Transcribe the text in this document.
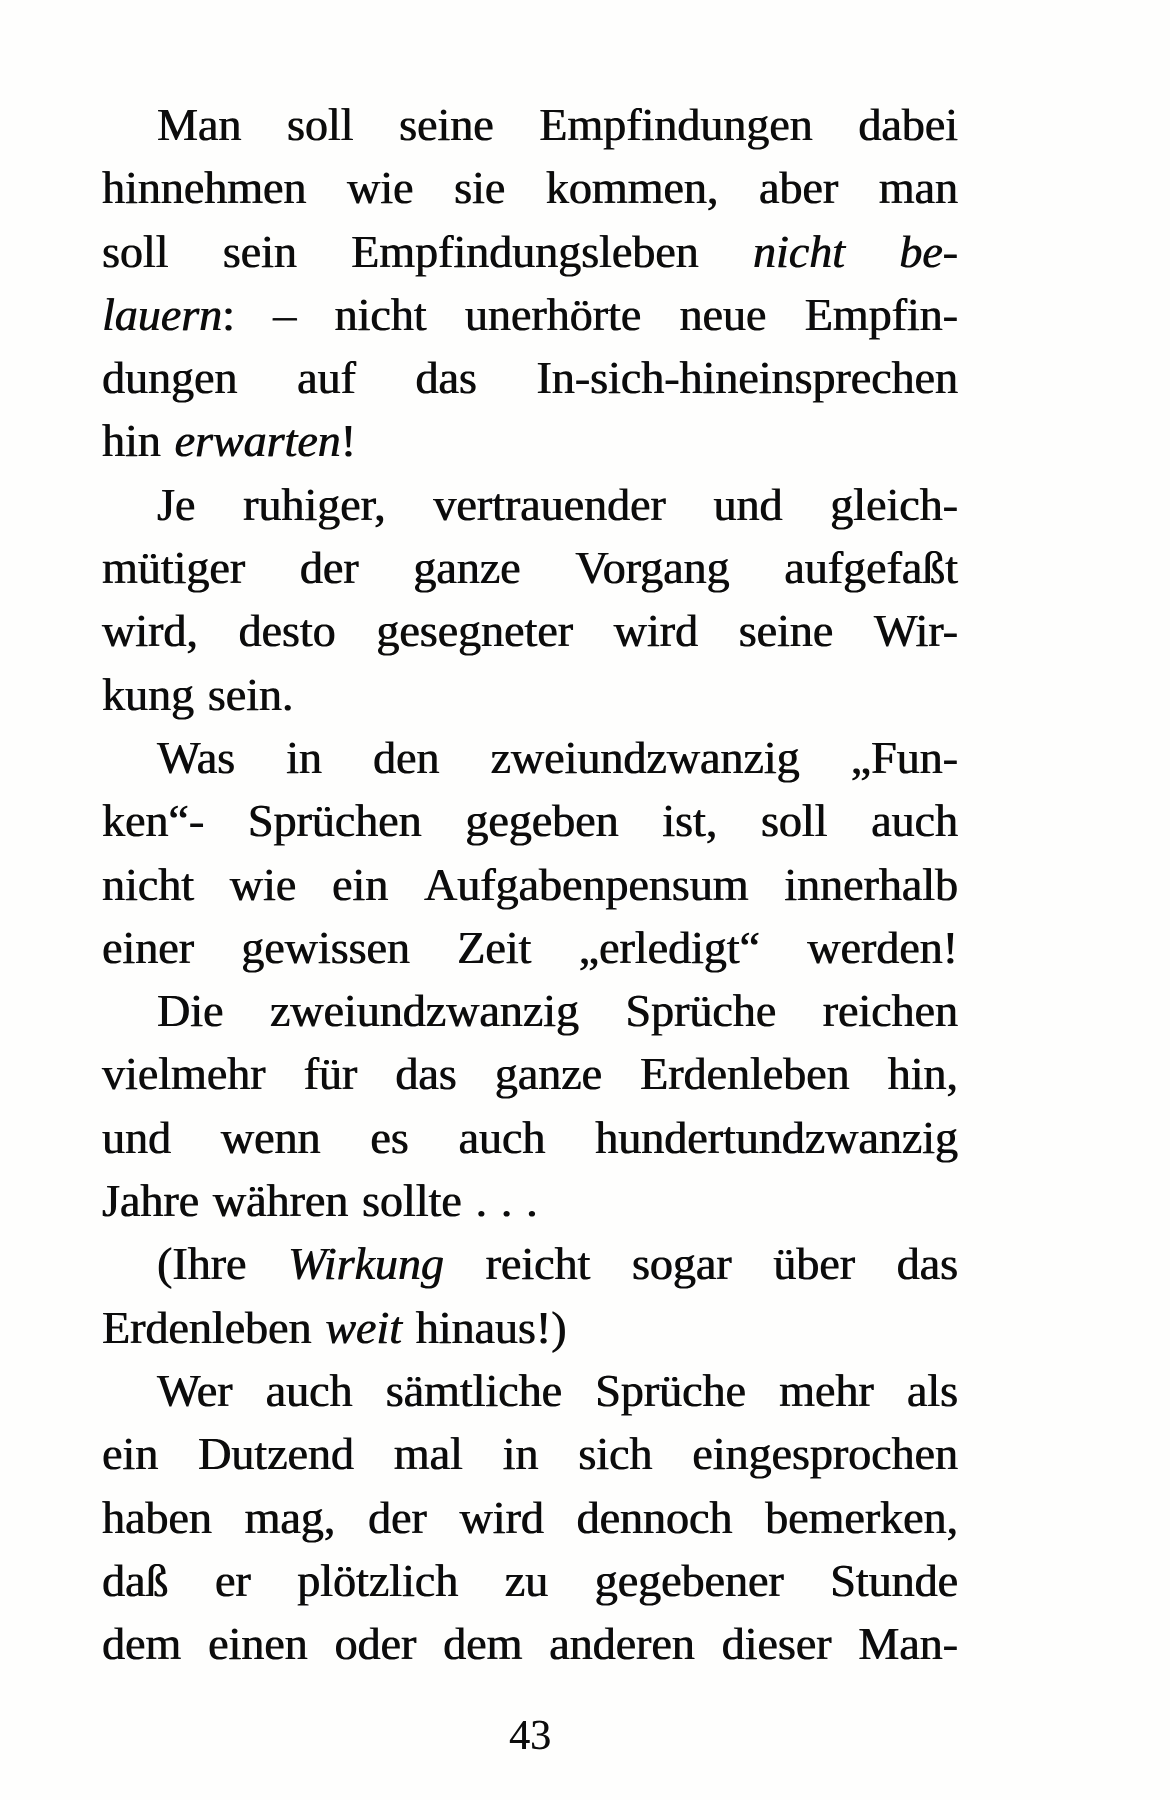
Man soll seine Empfindungen dabei
hinnehmen wie sie kommen, aber man
soll sein Empfindungsleben nicht be-
lauern: – nicht unerhörte neue Empfin-
dungen auf das In-sich-hineinsprechen
hin erwarten!
Je ruhiger, vertrauender und gleich-
mütiger der ganze Vorgang aufgefaßt
wird, desto gesegneter wird seine Wir-
kung sein.
Was in den zweiundzwanzig „Fun-
ken“- Sprüchen gegeben ist, soll auch
nicht wie ein Aufgabenpensum innerhalb
einer gewissen Zeit „erledigt“ werden!
Die zweiundzwanzig Sprüche reichen
vielmehr für das ganze Erdenleben hin,
und wenn es auch hundertundzwanzig
Jahre währen sollte . . .
(Ihre Wirkung reicht sogar über das
Erdenleben weit hinaus!)
Wer auch sämtliche Sprüche mehr als
ein Dutzend mal in sich eingesprochen
haben mag, der wird dennoch bemerken,
daß er plötzlich zu gegebener Stunde
dem einen oder dem anderen dieser Man-
43
